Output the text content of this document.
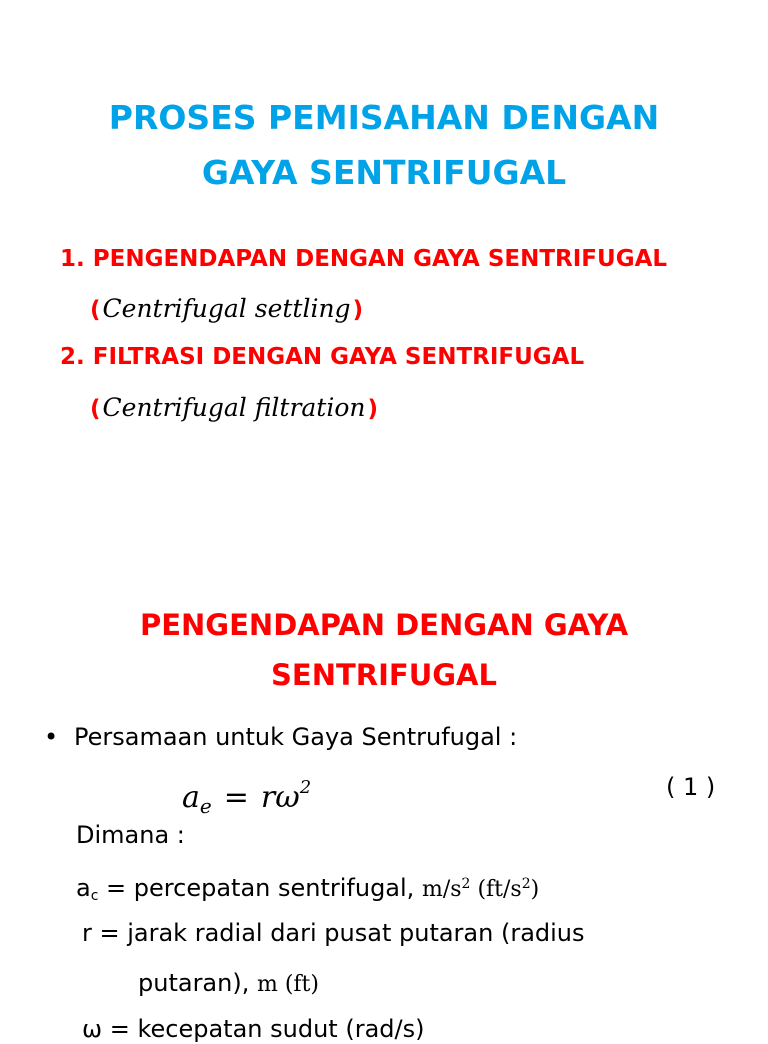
PROSES PEMISAHAN DENGAN
GAYA SENTRIFUGAL
1. PENGENDAPAN DENGAN GAYA SENTRIFUGAL
(Centrifugal settling)
2. FILTRASI DENGAN GAYA SENTRIFUGAL
(Centrifugal filtration)
PENGENDAPAN DENGAN GAYA
SENTRIFUGAL
• Persamaan untuk Gaya Sentrufugal :
$a_e = r\omega^2$	( 1 )
Dimana :
$a_c$ = percepatan sentrifugal, $m/s^2$ $(ft/s^2)$
r = jarak radial dari pusat putaran (radius
putaran), m (ft)
ω = kecepatan sudut (rad/s)
